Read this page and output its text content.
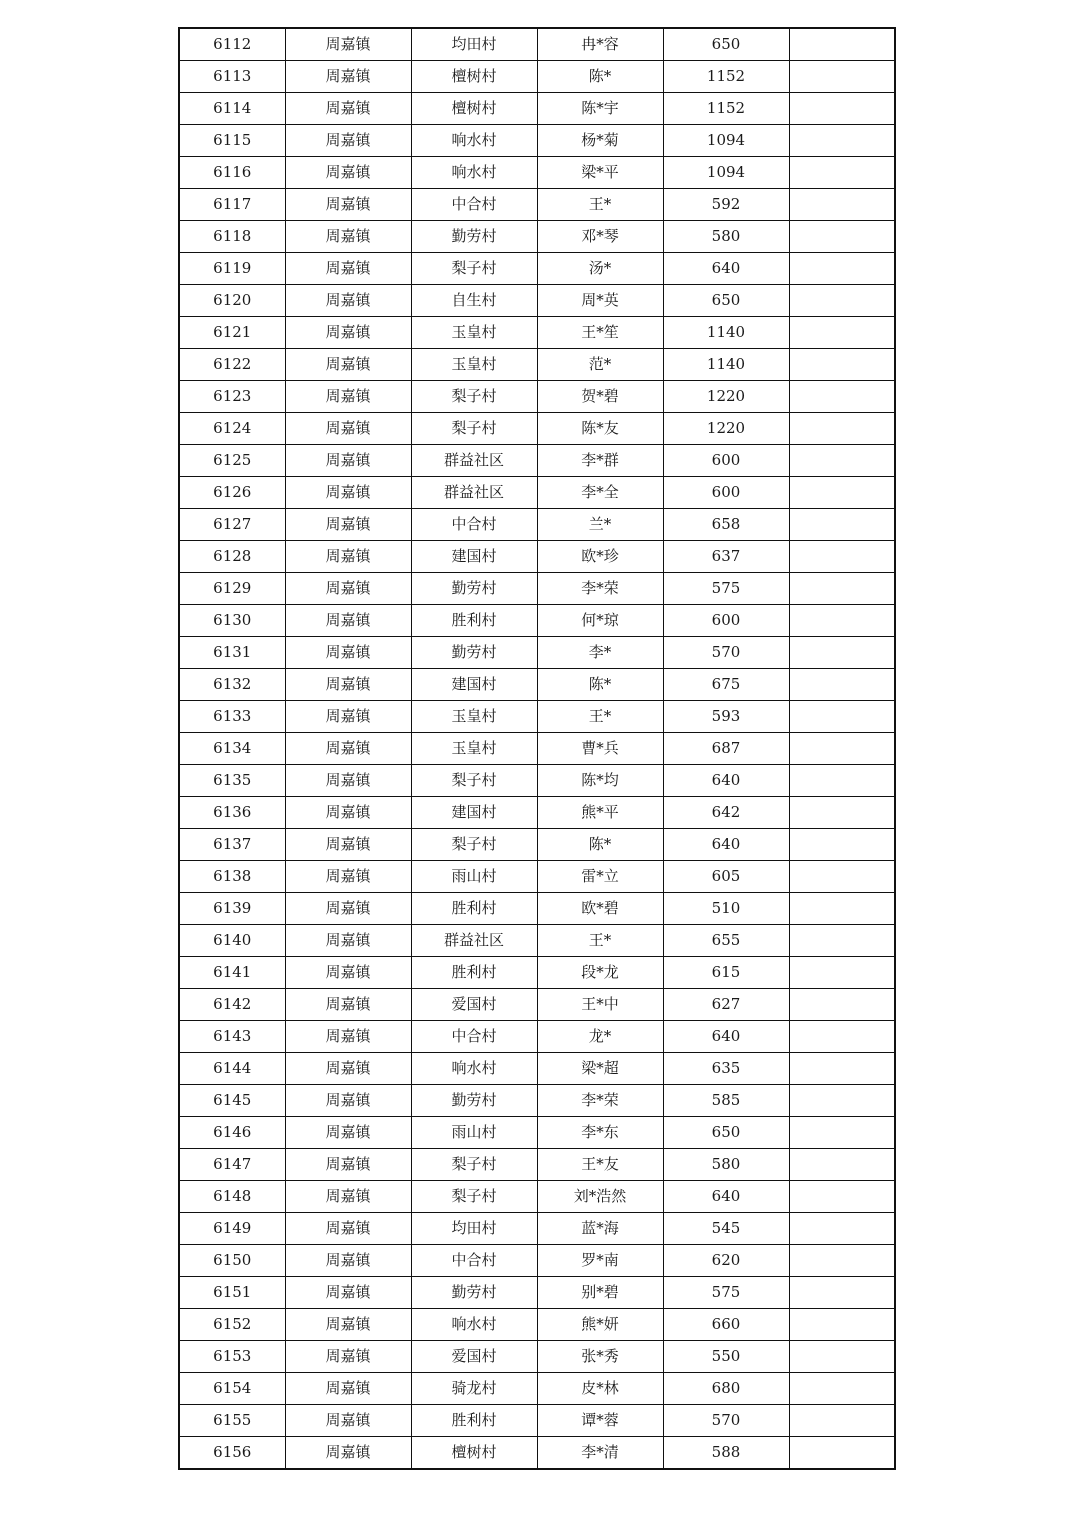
6112	周嘉镇	均田村	冉*容	650	
6113	周嘉镇	檀树村	陈*	1152	
6114	周嘉镇	檀树村	陈*宇	1152	
6115	周嘉镇	响水村	杨*菊	1094	
6116	周嘉镇	响水村	梁*平	1094	
6117	周嘉镇	中合村	王*	592	
6118	周嘉镇	勤劳村	邓*琴	580	
6119	周嘉镇	梨子村	汤*	640	
6120	周嘉镇	自生村	周*英	650	
6121	周嘉镇	玉皇村	王*笙	1140	
6122	周嘉镇	玉皇村	范*	1140	
6123	周嘉镇	梨子村	贺*碧	1220	
6124	周嘉镇	梨子村	陈*友	1220	
6125	周嘉镇	群益社区	李*群	600	
6126	周嘉镇	群益社区	李*全	600	
6127	周嘉镇	中合村	兰*	658	
6128	周嘉镇	建国村	欧*珍	637	
6129	周嘉镇	勤劳村	李*荣	575	
6130	周嘉镇	胜利村	何*琼	600	
6131	周嘉镇	勤劳村	李*	570	
6132	周嘉镇	建国村	陈*	675	
6133	周嘉镇	玉皇村	王*	593	
6134	周嘉镇	玉皇村	曹*兵	687	
6135	周嘉镇	梨子村	陈*均	640	
6136	周嘉镇	建国村	熊*平	642	
6137	周嘉镇	梨子村	陈*	640	
6138	周嘉镇	雨山村	雷*立	605	
6139	周嘉镇	胜利村	欧*碧	510	
6140	周嘉镇	群益社区	王*	655	
6141	周嘉镇	胜利村	段*龙	615	
6142	周嘉镇	爱国村	王*中	627	
6143	周嘉镇	中合村	龙*	640	
6144	周嘉镇	响水村	梁*超	635	
6145	周嘉镇	勤劳村	李*荣	585	
6146	周嘉镇	雨山村	李*东	650	
6147	周嘉镇	梨子村	王*友	580	
6148	周嘉镇	梨子村	刘*浩然	640	
6149	周嘉镇	均田村	蓝*海	545	
6150	周嘉镇	中合村	罗*南	620	
6151	周嘉镇	勤劳村	别*碧	575	
6152	周嘉镇	响水村	熊*妍	660	
6153	周嘉镇	爱国村	张*秀	550	
6154	周嘉镇	骑龙村	皮*林	680	
6155	周嘉镇	胜利村	谭*蓉	570	
6156	周嘉镇	檀树村	李*清	588	
